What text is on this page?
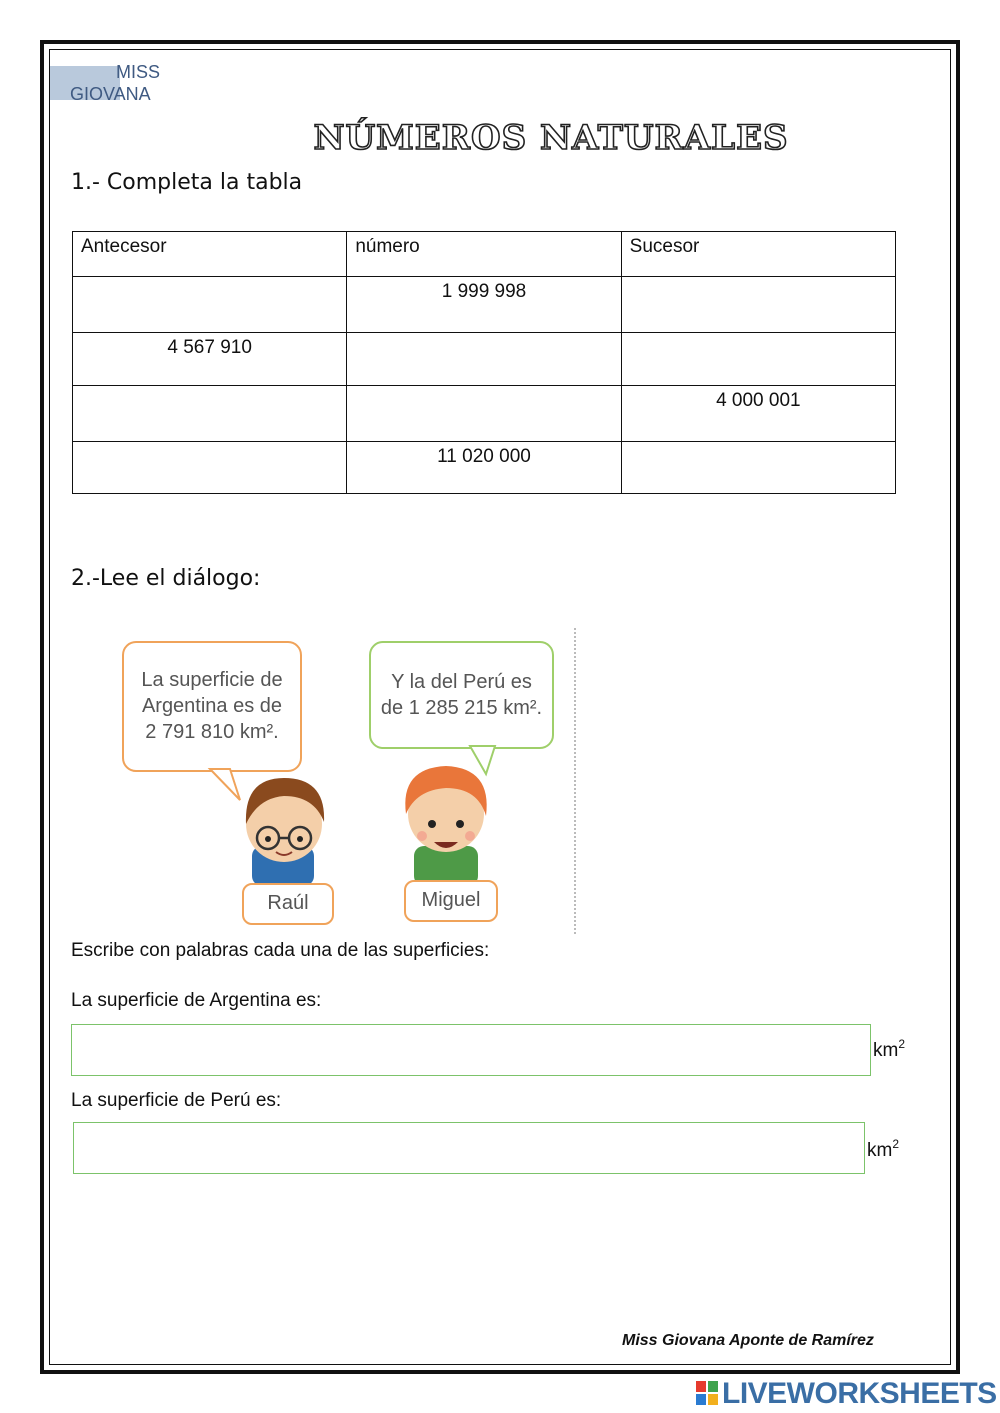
MISS
GIOVANA
NÚMEROS NATURALES
1.- Completa la tabla
Antecesor	número	Sucesor
	1 999 998	
4 567 910		
		4 000 001
	11 020 000	
2.-Lee el diálogo:
La superficie de
Argentina es de
2 791 810 km².
Y la del Perú es
de 1 285 215 km².
Raúl	Miguel
Escribe con palabras cada una de las superficies:
La superficie de Argentina es:
$km^2$
La superficie de Perú es:
$km^2$
Miss Giovana Aponte de Ramírez
LIVEWORKSHEETS
